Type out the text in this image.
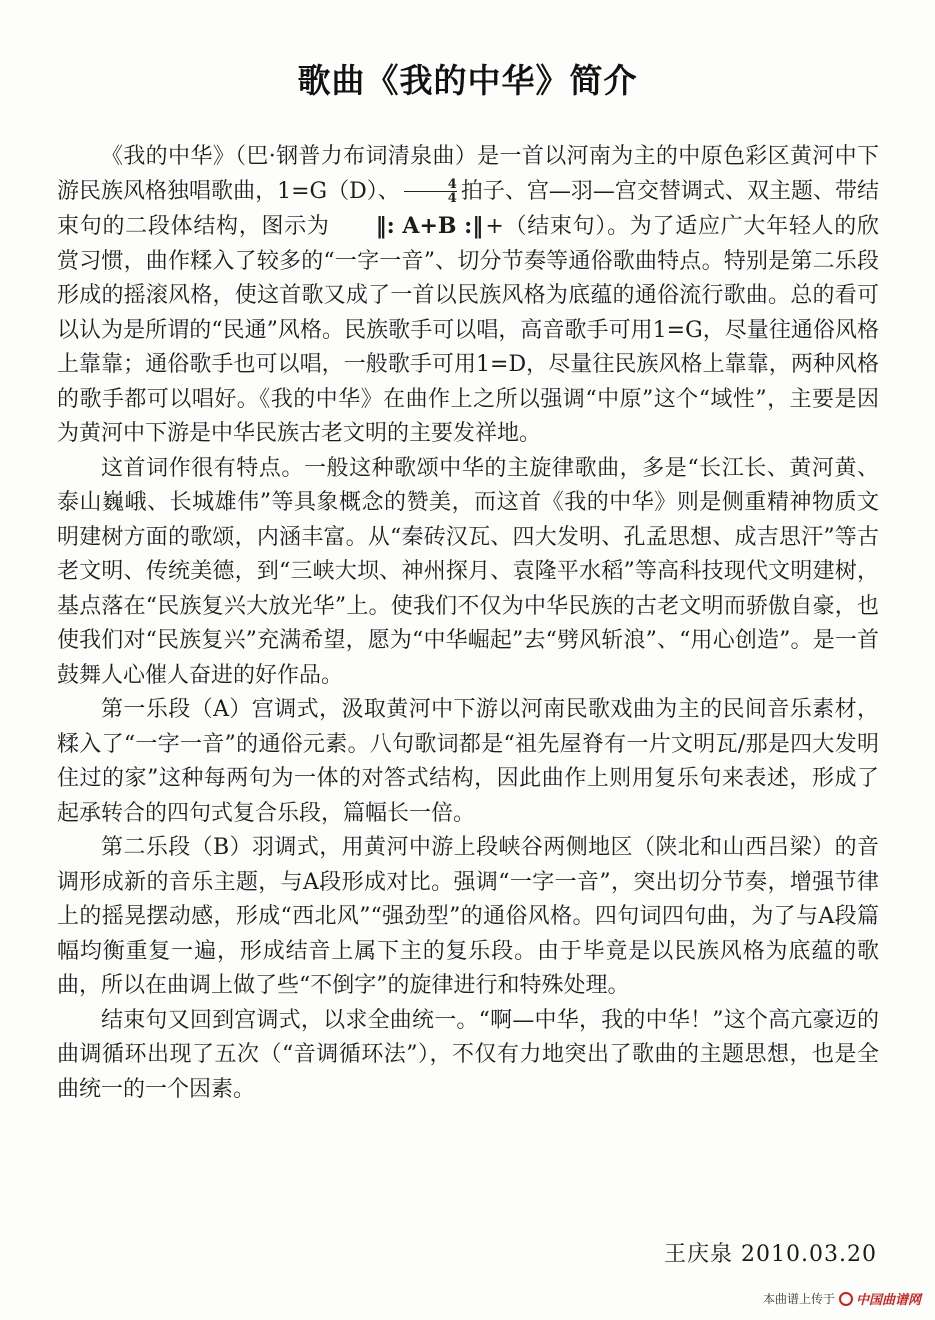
歌曲《我的中华》简介

《我的中华》（巴·钢普力布词清泉曲）是一首以河南为主的中原色彩区黄河中下游民族风格独唱歌曲，1=G（D）、 $\frac{4}{4}$ 拍子、宫—羽—宫交替调式、双主题、带结束句的二段体结构，图示为 ‖: A+B :‖+（结束句）。为了适应广大年轻人的欣赏习惯，曲作糅入了较多的“一字一音”、切分节奏等通俗歌曲特点。特别是第二乐段形成的摇滚风格，使这首歌又成了一首以民族风格为底蕴的通俗流行歌曲。总的看可以认为是所谓的“民通”风格。民族歌手可以唱，高音歌手可用1=G，尽量往通俗风格上靠靠；通俗歌手也可以唱，一般歌手可用1=D，尽量往民族风格上靠靠，两种风格的歌手都可以唱好。《我的中华》在曲作上之所以强调“中原”这个“域性”，主要是因为黄河中下游是中华民族古老文明的主要发祥地。

这首词作很有特点。一般这种歌颂中华的主旋律歌曲，多是“长江长、黄河黄、泰山巍峨、长城雄伟”等具象概念的赞美，而这首《我的中华》则是侧重精神物质文明建树方面的歌颂，内涵丰富。从“秦砖汉瓦、四大发明、孔孟思想、成吉思汗”等古老文明、传统美德，到“三峡大坝、神州探月、袁隆平水稻”等高科技现代文明建树，基点落在“民族复兴大放光华”上。使我们不仅为中华民族的古老文明而骄傲自豪，也使我们对“民族复兴”充满希望，愿为“中华崛起”去“劈风斩浪”、“用心创造”。是一首鼓舞人心催人奋进的好作品。

第一乐段（A）宫调式，汲取黄河中下游以河南民歌戏曲为主的民间音乐素材，糅入了“一字一音”的通俗元素。八句歌词都是“祖先屋脊有一片文明瓦/那是四大发明住过的家”这种每两句为一体的对答式结构，因此曲作上则用复乐句来表述，形成了起承转合的四句式复合乐段，篇幅长一倍。

第二乐段（B）羽调式，用黄河中游上段峡谷两侧地区（陕北和山西吕梁）的音调形成新的音乐主题，与A段形成对比。强调“一字一音”，突出切分节奏，增强节律上的摇晃摆动感，形成“西北风”“强劲型”的通俗风格。四句词四句曲，为了与A段篇幅均衡重复一遍，形成结音上属下主的复乐段。由于毕竟是以民族风格为底蕴的歌曲，所以在曲调上做了些“不倒字”的旋律进行和特殊处理。

结束句又回到宫调式，以求全曲统一。“啊—中华，我的中华！”这个高亢豪迈的曲调循环出现了五次（“音调循环法”），不仅有力地突出了歌曲的主题思想，也是全曲统一的一个因素。

王庆泉 2010.03.20
本曲谱上传于 中国曲谱网
